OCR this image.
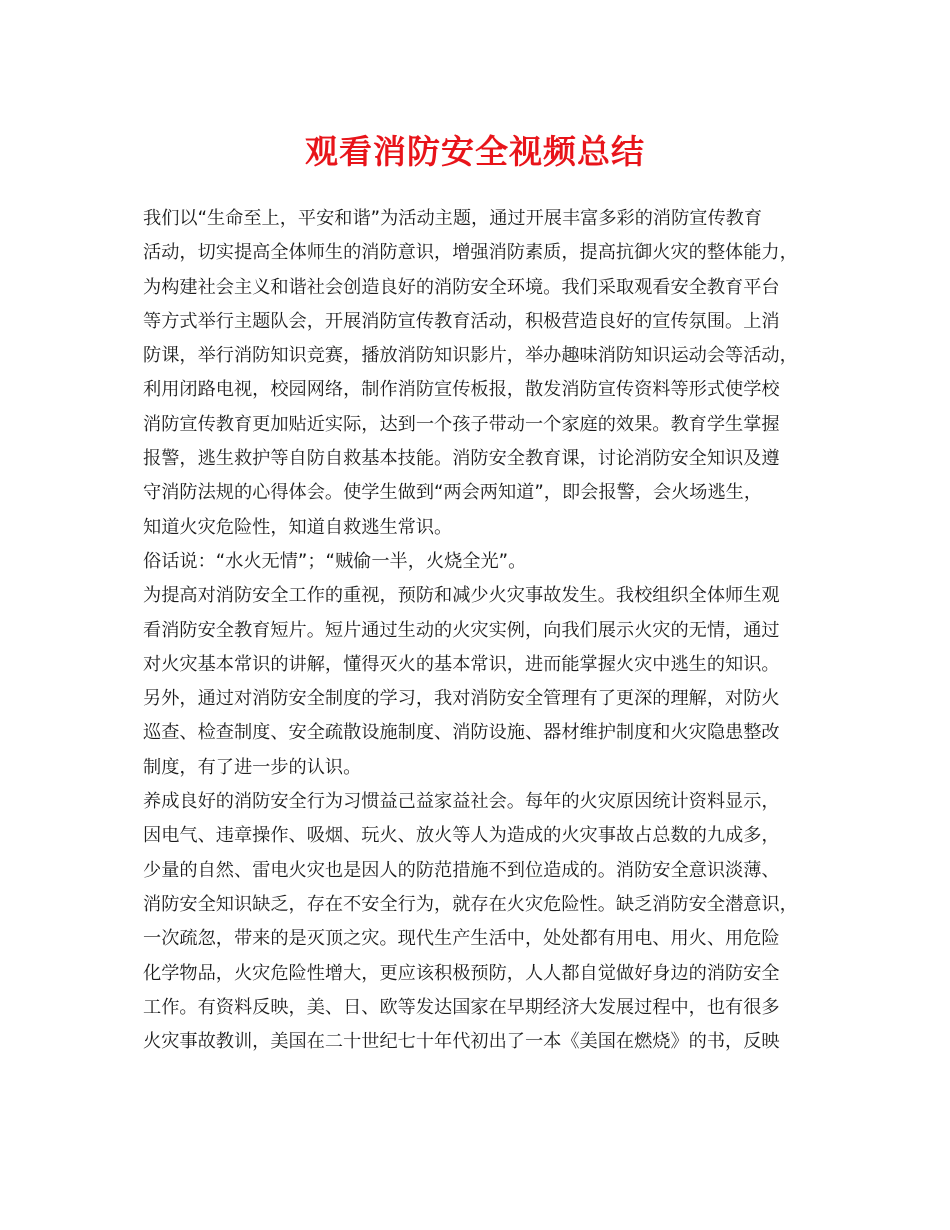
观看消防安全视频总结
我们以“生命至上，平安和谐”为活动主题，通过开展丰富多彩的消防宣传教育
活动，切实提高全体师生的消防意识，增强消防素质，提高抗御火灾的整体能力，
为构建社会主义和谐社会创造良好的消防安全环境。我们采取观看安全教育平台
等方式举行主题队会，开展消防宣传教育活动，积极营造良好的宣传氛围。上消
防课，举行消防知识竞赛，播放消防知识影片，举办趣味消防知识运动会等活动，
利用闭路电视，校园网络，制作消防宣传板报，散发消防宣传资料等形式使学校
消防宣传教育更加贴近实际，达到一个孩子带动一个家庭的效果。教育学生掌握
报警，逃生救护等自防自救基本技能。消防安全教育课，讨论消防安全知识及遵
守消防法规的心得体会。使学生做到“两会两知道”，即会报警，会火场逃生，
知道火灾危险性，知道自救逃生常识。
俗话说：“水火无情”；“贼偷一半，火烧全光”。
为提高对消防安全工作的重视，预防和减少火灾事故发生。我校组织全体师生观
看消防安全教育短片。短片通过生动的火灾实例，向我们展示火灾的无情，通过
对火灾基本常识的讲解，懂得灭火的基本常识，进而能掌握火灾中逃生的知识。
另外，通过对消防安全制度的学习，我对消防安全管理有了更深的理解，对防火
巡查、检查制度、安全疏散设施制度、消防设施、器材维护制度和火灾隐患整改
制度，有了进一步的认识。
养成良好的消防安全行为习惯益己益家益社会。每年的火灾原因统计资料显示，
因电气、违章操作、吸烟、玩火、放火等人为造成的火灾事故占总数的九成多，
少量的自然、雷电火灾也是因人的防范措施不到位造成的。消防安全意识淡薄、
消防安全知识缺乏，存在不安全行为，就存在火灾危险性。缺乏消防安全潜意识，
一次疏忽，带来的是灭顶之灾。现代生产生活中，处处都有用电、用火、用危险
化学物品，火灾危险性增大，更应该积极预防，人人都自觉做好身边的消防安全
工作。有资料反映，美、日、欧等发达国家在早期经济大发展过程中，也有很多
火灾事故教训，美国在二十世纪七十年代初出了一本《美国在燃烧》的书，反映
